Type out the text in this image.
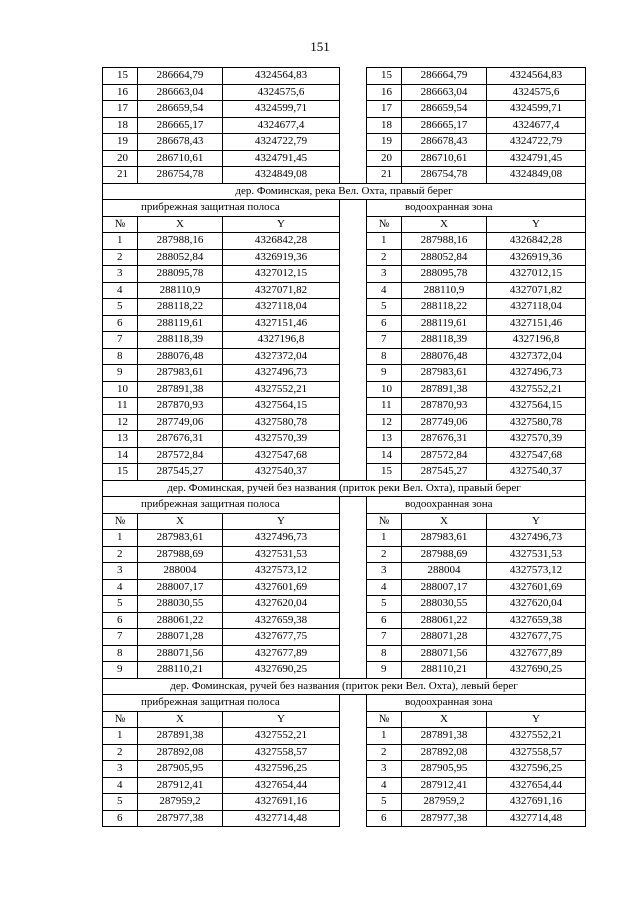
151
15	286664,79	4324564,83		15	286664,79	4324564,83
16	286663,04	4324575,6		16	286663,04	4324575,6
17	286659,54	4324599,71		17	286659,54	4324599,71
18	286665,17	4324677,4		18	286665,17	4324677,4
19	286678,43	4324722,79		19	286678,43	4324722,79
20	286710,61	4324791,45		20	286710,61	4324791,45
21	286754,78	4324849,08		21	286754,78	4324849,08
дер. Фоминская, река Вел. Охта, правый берег						
прибрежная защитная полоса				водоохранная зона		
№	X	Y		№	X	Y
1	287988,16	4326842,28		1	287988,16	4326842,28
2	288052,84	4326919,36		2	288052,84	4326919,36
3	288095,78	4327012,15		3	288095,78	4327012,15
4	288110,9	4327071,82		4	288110,9	4327071,82
5	288118,22	4327118,04		5	288118,22	4327118,04
6	288119,61	4327151,46		6	288119,61	4327151,46
7	288118,39	4327196,8		7	288118,39	4327196,8
8	288076,48	4327372,04		8	288076,48	4327372,04
9	287983,61	4327496,73		9	287983,61	4327496,73
10	287891,38	4327552,21		10	287891,38	4327552,21
11	287870,93	4327564,15		11	287870,93	4327564,15
12	287749,06	4327580,78		12	287749,06	4327580,78
13	287676,31	4327570,39		13	287676,31	4327570,39
14	287572,84	4327547,68		14	287572,84	4327547,68
15	287545,27	4327540,37		15	287545,27	4327540,37
дер. Фоминская, ручей без названия (приток реки Вел. Охта), правый берег						
прибрежная защитная полоса				водоохранная зона		
№	X	Y		№	X	Y
1	287983,61	4327496,73		1	287983,61	4327496,73
2	287988,69	4327531,53		2	287988,69	4327531,53
3	288004	4327573,12		3	288004	4327573,12
4	288007,17	4327601,69		4	288007,17	4327601,69
5	288030,55	4327620,04		5	288030,55	4327620,04
6	288061,22	4327659,38		6	288061,22	4327659,38
7	288071,28	4327677,75		7	288071,28	4327677,75
8	288071,56	4327677,89		8	288071,56	4327677,89
9	288110,21	4327690,25		9	288110,21	4327690,25
дер. Фоминская, ручей без названия (приток реки Вел. Охта), левый берег						
прибрежная защитная полоса				водоохранная зона		
№	X	Y		№	X	Y
1	287891,38	4327552,21		1	287891,38	4327552,21
2	287892,08	4327558,57		2	287892,08	4327558,57
3	287905,95	4327596,25		3	287905,95	4327596,25
4	287912,41	4327654,44		4	287912,41	4327654,44
5	287959,2	4327691,16		5	287959,2	4327691,16
6	287977,38	4327714,48		6	287977,38	4327714,48
